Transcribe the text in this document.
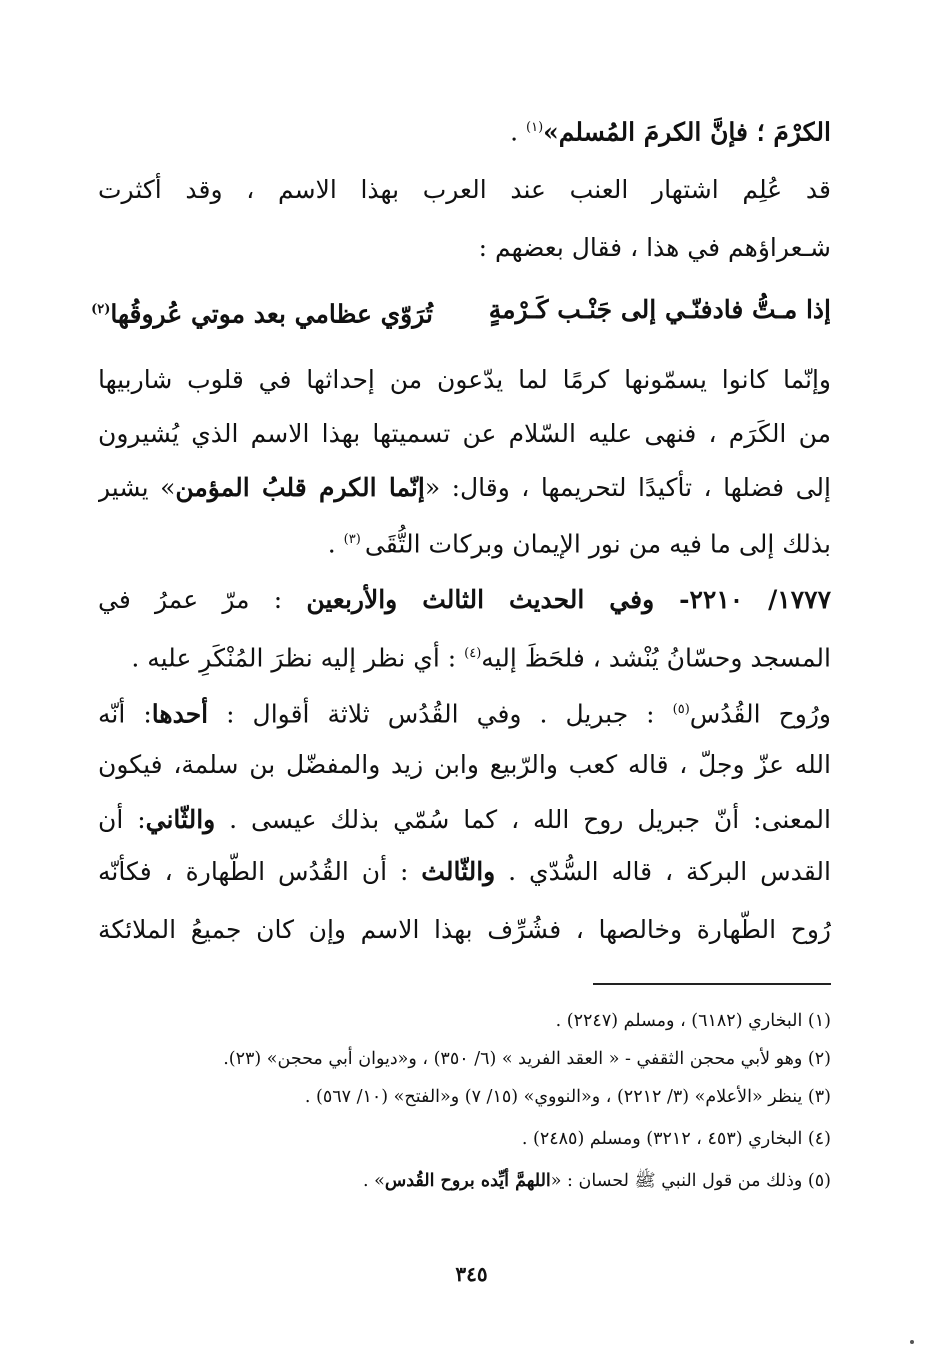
الكرْمَ ؛ فإنَّ الكرمَ المُسلم»$^{(١)}$ .

قد عُلِم اشتهار العنب عند العرب بهذا الاسم ، وقد أكثرت

شـعراؤهم في هذا ، فقال بعضهم :

إذا مـتُّ فادفنّـي إلى جَنْـب كَـرْمةٍ
تُرَوّي عظامي بعد موتي عُروقُها$^{(٢)}$

وإنّما كانوا يسمّونها كرمًا لما يدّعون من إحداثها في قلوب شاربيها

من الكَرَم ، فنهى عليه السّلام عن تسميتها بهذا الاسم الذي يُشيرون

إلى فضلها ، تأكيدًا لتحريمها ، وقال: «إنّما الكرم قلبُ المؤمن» يشير

بذلك إلى ما فيه من نور الإيمان وبركات التُّقَى $^{(٣)}$ .

١٧٧٧/ ٢٢١٠- وفي الحديث الثالث والأربعين : مرّ عمرُ في

المسجد وحسّانُ يُنْشد ، فلحَظَ إليه$^{(٤)}$ : أي نظر إليه نظرَ المُنْكَرِ عليه .

ورُوح القُدُس$^{(٥)}$ : جبريل . وفي القُدُس ثلاثة أقوال : أحدها: أنّه

الله عزّ وجلّ ، قاله كعب والرّبيع وابن زيد والمفضّل بن سلمة، فيكون

المعنى: أنّ جبريل روح الله ، كما سُمّي بذلك عيسى . والثّاني: أن

القدس البركة ، قاله السُّدّي . والثّالث : أن القُدُس الطّهارة ، فكأنّه

رُوح الطّهارة وخالصها ، فشُرِّف بهذا الاسم وإن كان جميعُ الملائكة

(١) البخاري (٦١٨٢) ، ومسلم (٢٢٤٧) .

(٢) وهو لأبي محجن الثقفي - « العقد الفريد » (٦/ ٣٥٠) ، و«ديوان أبي محجن» (٢٣).

(٣) ينظر «الأعلام» (٣/ ٢٢١٢) ، و«النووي» (١٥/ ٧) و«الفتح» (١٠/ ٥٦٧) .

(٤) البخاري (٤٥٣ ، ٣٢١٢) ومسلم (٢٤٨٥) .

(٥) وذلك من قول النبي ﷺ لحسان : «اللهمَّ أيِّده بروح القُدس» .

٣٤٥
